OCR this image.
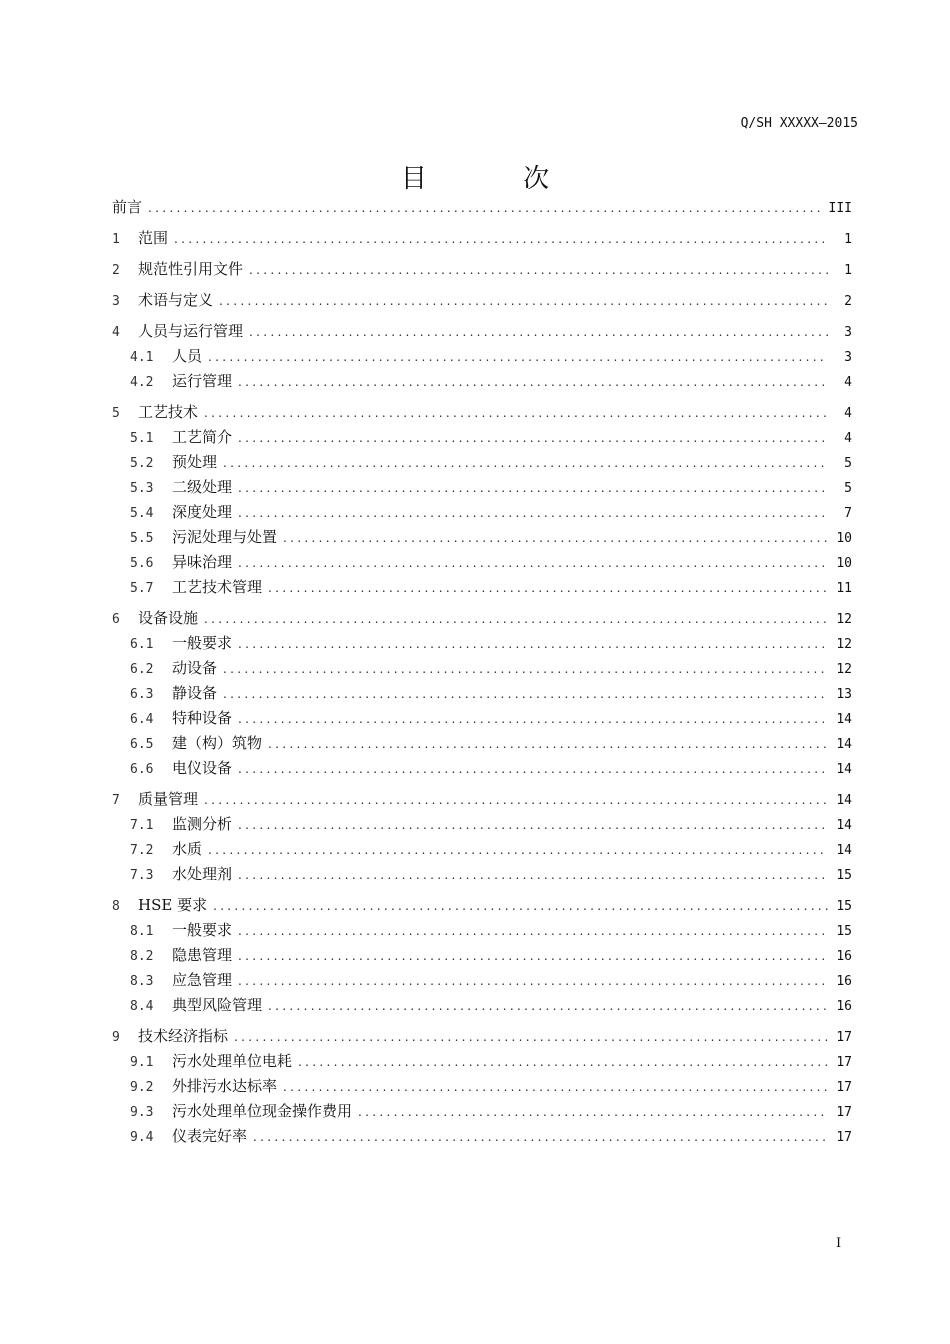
Q/SH XXXXX—2015
目 次
前言 .....	III
1	范围 .....	1
2	规范性引用文件 .....	1
3	术语与定义 .....	2
4	人员与运行管理 .....	3
4.1	人员 .....	3
4.2	运行管理 .....	4
5	工艺技术 .....	4
5.1	工艺简介 .....	4
5.2	预处理 .....	5
5.3	二级处理 .....	5
5.4	深度处理 .....	7
5.5	污泥处理与处置 .....	10
5.6	异味治理 .....	10
5.7	工艺技术管理 .....	11
6	设备设施 .....	12
6.1	一般要求 .....	12
6.2	动设备 .....	12
6.3	静设备 .....	13
6.4	特种设备 .....	14
6.5	建（构）筑物 .....	14
6.6	电仪设备 .....	14
7	质量管理 .....	14
7.1	监测分析 .....	14
7.2	水质 .....	14
7.3	水处理剂 .....	15
8	HSE 要求 .....	15
8.1	一般要求 .....	15
8.2	隐患管理 .....	16
8.3	应急管理 .....	16
8.4	典型风险管理 .....	16
9	技术经济指标 .....	17
9.1	污水处理单位电耗 .....	17
9.2	外排污水达标率 .....	17
9.3	污水处理单位现金操作费用 .....	17
9.4	仪表完好率 .....	17
I
